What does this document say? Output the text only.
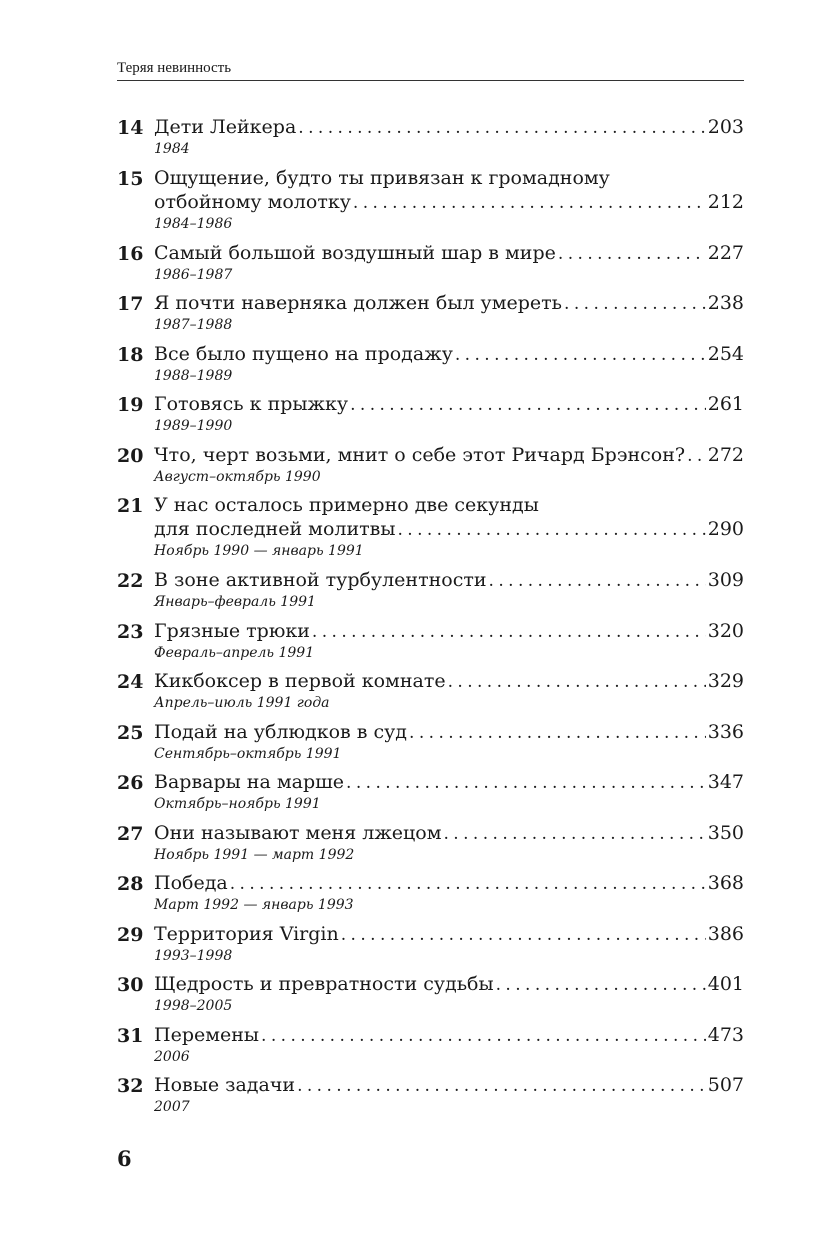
Теряя невинность
14 Дети Лейкера . . .	203
1984
15 Ощущение, будто ты привязан к громадному
отбойному молотку . . .	212
1984–1986
16 Самый большой воздушный шар в мире . . .	227
1986–1987
17 Я почти наверняка должен был умереть . . .	238
1987–1988
18 Все было пущено на продажу . . .	254
1988–1989
19 Готовясь к прыжку . . .	261
1989–1990
20 Что, черт возьми, мнит о себе этот Ричард Брэнсон? . . . 272
Август–октябрь 1990
21 У нас осталось примерно две секунды
для последней молитвы . . .	290
Ноябрь 1990 — январь 1991
22 В зоне активной турбулентности . . .	309
Январь–февраль 1991
23 Грязные трюки . . .	320
Февраль–апрель 1991
24 Кикбоксер в первой комнате . . .	329
Апрель–июль 1991 года
25 Подай на ублюдков в суд . . .	336
Сентябрь–октябрь 1991
26 Варвары на марше . . .	347
Октябрь–ноябрь 1991
27 Они называют меня лжецом . . .	350
Ноябрь 1991 — март 1992
28 Победа . . .	368
Март 1992 — январь 1993
29 Территория Virgin . . .	386
1993–1998
30 Щедрость и превратности судьбы . . .	401
1998–2005
31 Перемены . . .	473
2006
32 Новые задачи . . .	507
2007
6
